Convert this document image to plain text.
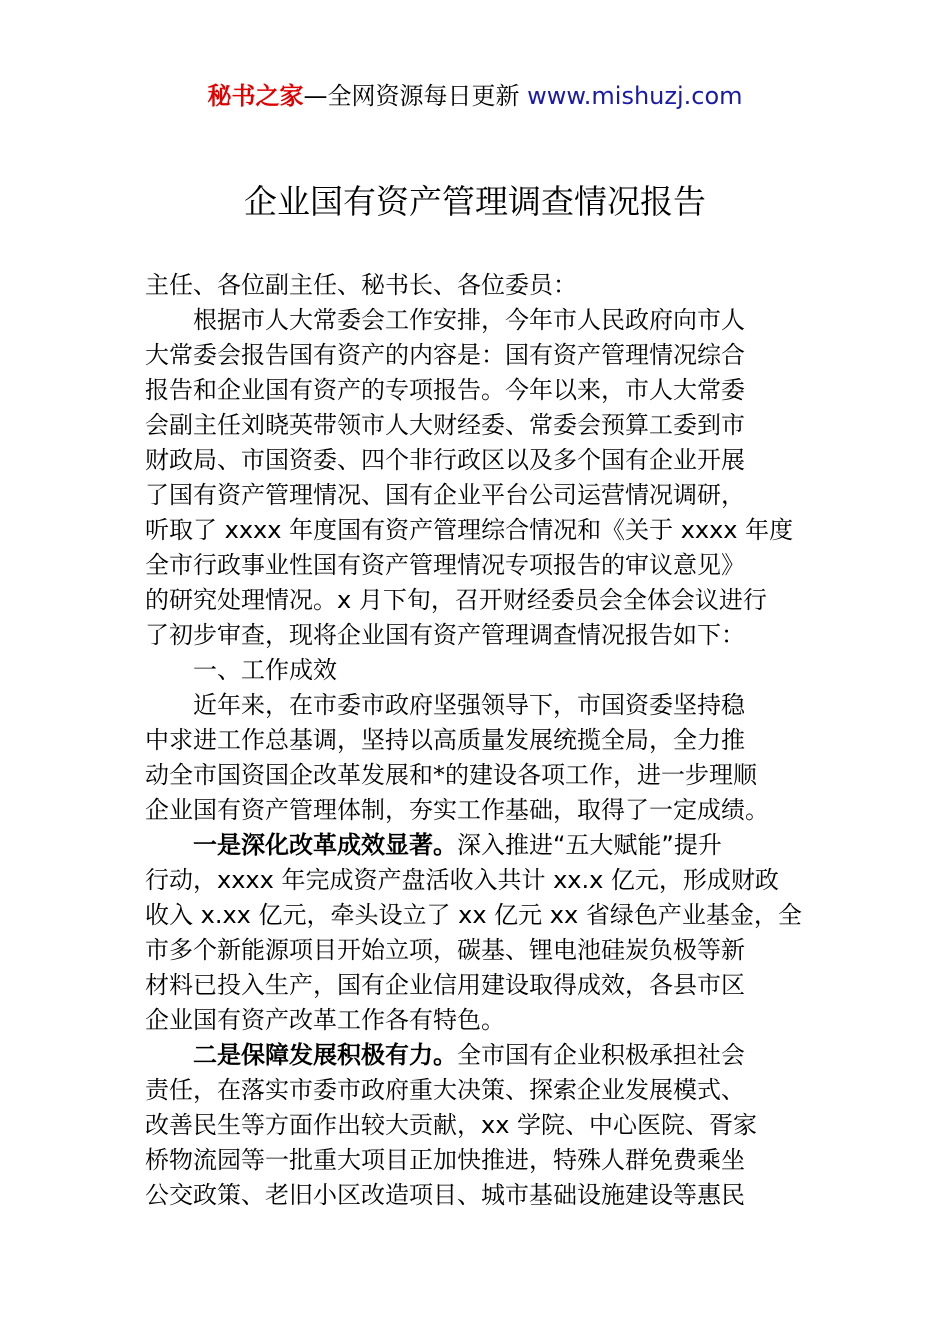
秘书之家—全网资源每日更新 www.mishuzj.com
企业国有资产管理调查情况报告
主任、各位副主任、秘书长、各位委员：
根据市人大常委会工作安排，今年市人民政府向市人
大常委会报告国有资产的内容是：国有资产管理情况综合
报告和企业国有资产的专项报告。今年以来，市人大常委
会副主任刘晓英带领市人大财经委、常委会预算工委到市
财政局、市国资委、四个非行政区以及多个国有企业开展
了国有资产管理情况、国有企业平台公司运营情况调研，
听取了 xxxx 年度国有资产管理综合情况和《关于 xxxx 年度
全市行政事业性国有资产管理情况专项报告的审议意见》
的研究处理情况。x 月下旬，召开财经委员会全体会议进行
了初步审查，现将企业国有资产管理调查情况报告如下：
一、工作成效
近年来，在市委市政府坚强领导下，市国资委坚持稳
中求进工作总基调，坚持以高质量发展统揽全局，全力推
动全市国资国企改革发展和*的建设各项工作，进一步理顺
企业国有资产管理体制，夯实工作基础，取得了一定成绩。
一是深化改革成效显著。深入推进“五大赋能”提升
行动，xxxx 年完成资产盘活收入共计 xx.x 亿元，形成财政
收入 x.xx 亿元，牵头设立了 xx 亿元 xx 省绿色产业基金，全
市多个新能源项目开始立项，碳基、锂电池硅炭负极等新
材料已投入生产，国有企业信用建设取得成效，各县市区
企业国有资产改革工作各有特色。
二是保障发展积极有力。全市国有企业积极承担社会
责任，在落实市委市政府重大决策、探索企业发展模式、
改善民生等方面作出较大贡献，xx 学院、中心医院、胥家
桥物流园等一批重大项目正加快推进，特殊人群免费乘坐
公交政策、老旧小区改造项目、城市基础设施建设等惠民
